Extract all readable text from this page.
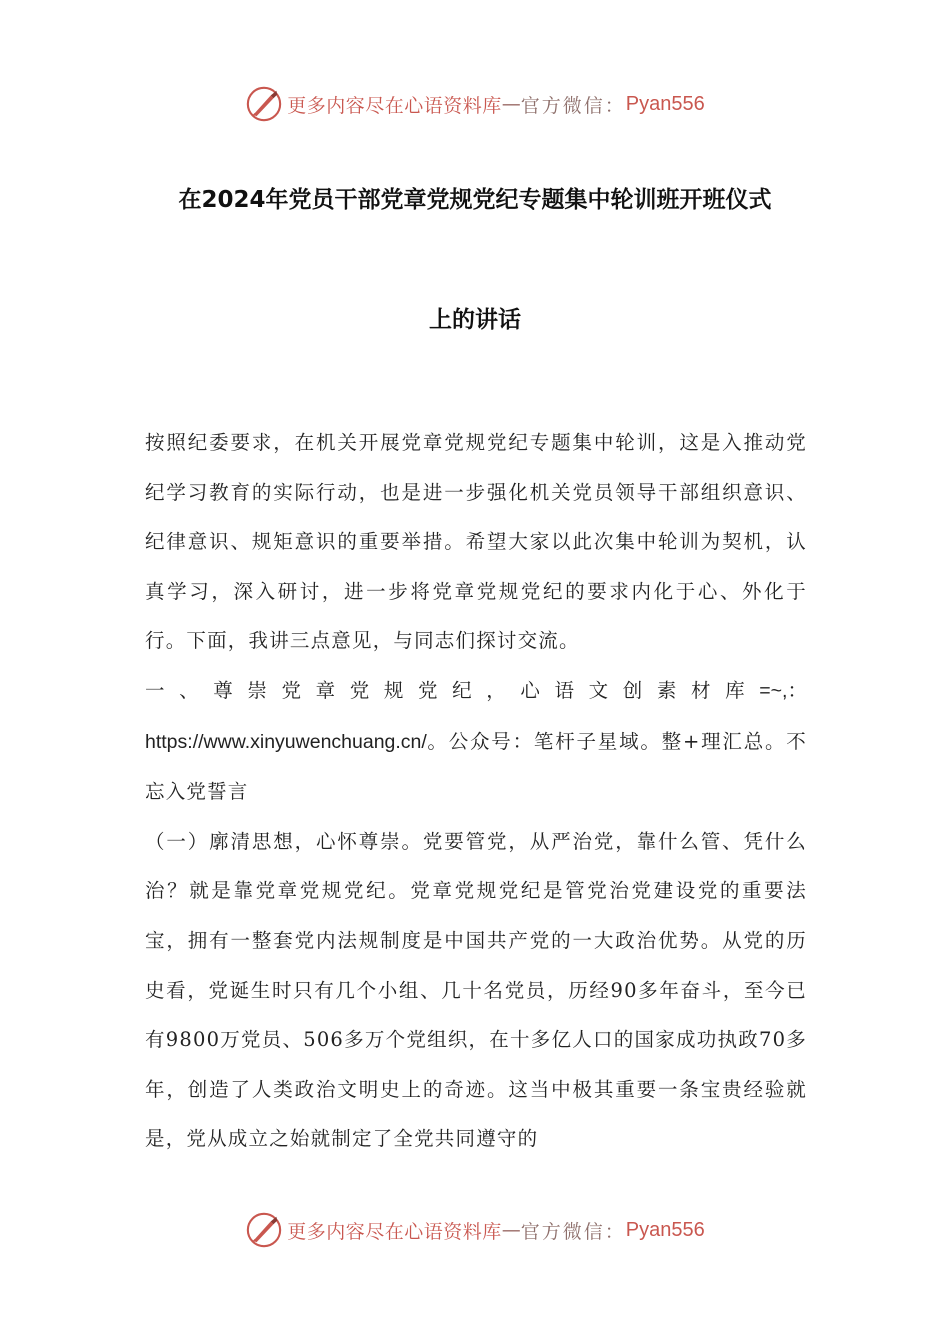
更多内容尽在心语资料库 — 官方微信： Pyan556
在2024年党员干部党章党规党纪专题集中轮训班开班仪式
上的讲话

按照纪委要求，在机关开展党章党规党纪专题集中轮训，这是入推动党纪学习教育的实际行动，也是进一步强化机关党员领导干部组织意识、纪律意识、规矩意识的重要举措。希望大家以此次集中轮训为契机，认真学习，深入研讨，进一步将党章党规党纪的要求内化于心、外化于行。下面，我讲三点意见，与同志们探讨交流。

一、尊崇党章党规党纪，心语文创素材库=~,： https://www.xinyuwenchuang.cn/。公众号：笔杆子星域。整+理汇总。不忘入党誓言

（一）廓清思想，心怀尊崇。党要管党，从严治党，靠什么管、凭什么治？就是靠党章党规党纪。党章党规党纪是管党治党建设党的重要法宝，拥有一整套党内法规制度是中国共产党的一大政治优势。从党的历史看，党诞生时只有几个小组、几十名党员，历经90多年奋斗，至今已有9800万党员、506多万个党组织，在十多亿人口的国家成功执政70多年，创造了人类政治文明史上的奇迹。这当中极其重要一条宝贵经验就是，党从成立之始就制定了全党共同遵守的

更多内容尽在心语资料库 — 官方微信： Pyan556
